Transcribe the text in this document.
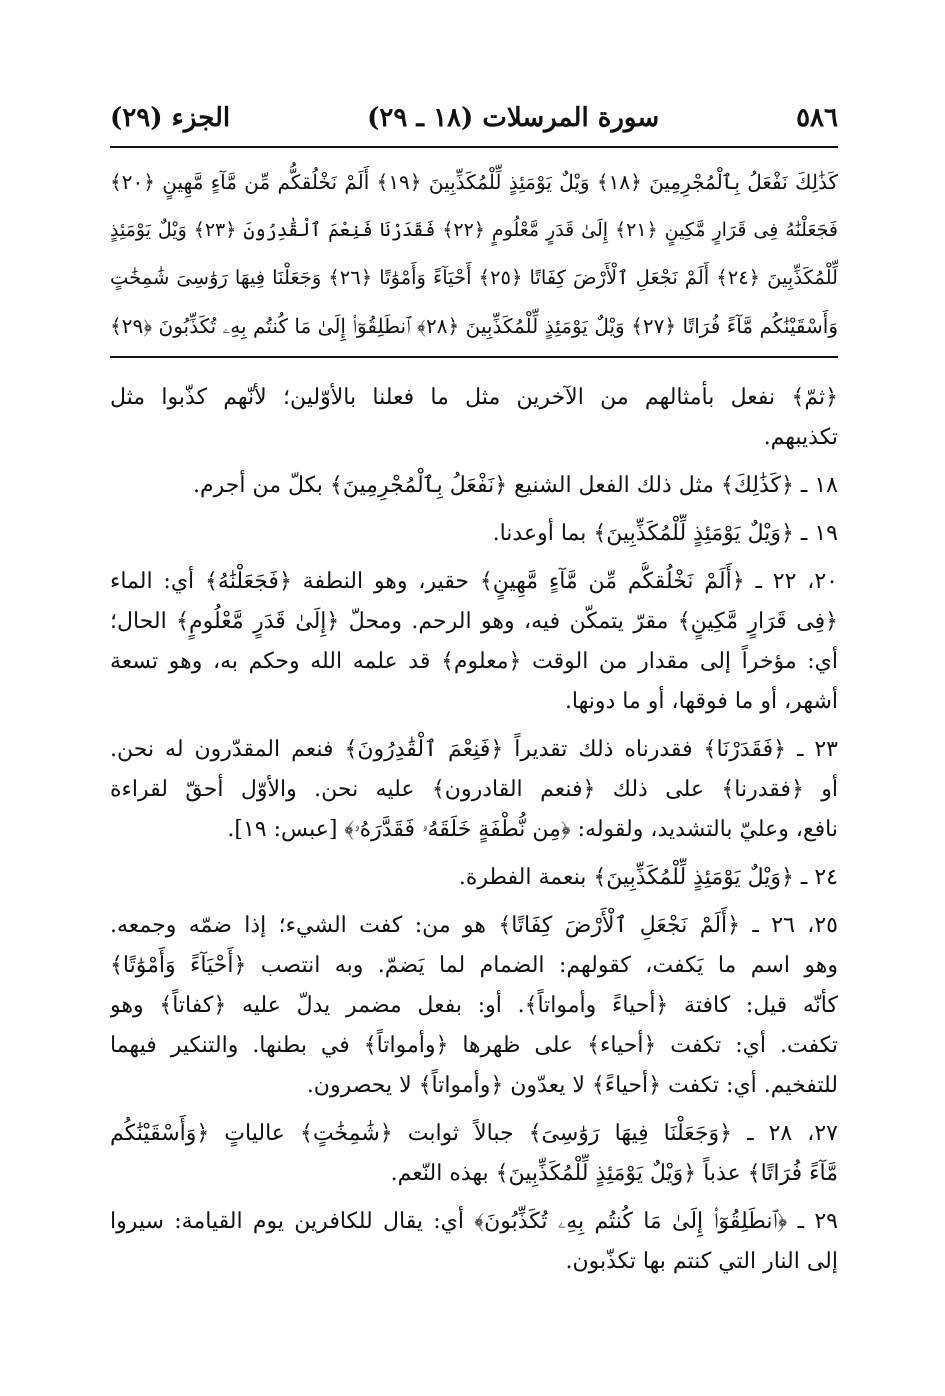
٥٨٦
سورة المرسلات (١٨ ـ ٢٩)
الجزء (٢٩)
كَذَٰلِكَ نَفْعَلُ بِٱلْمُجْرِمِينَ ﴿١٨﴾ وَيْلٌ يَوْمَئِذٍ لِّلْمُكَذِّبِينَ ﴿١٩﴾ أَلَمْ نَخْلُقكُّم مِّن مَّآءٍ مَّهِينٍ ﴿٢٠﴾
فَجَعَلْنَٰهُ فِى قَرَارٍ مَّكِينٍ ﴿٢١﴾ إِلَىٰ قَدَرٍ مَّعْلُومٍ ﴿٢٢﴾ فَقَدَرْنَا فَنِعْمَ ٱلْقَٰدِرُونَ ﴿٢٣﴾ وَيْلٌ يَوْمَئِذٍ
لِّلْمُكَذِّبِينَ ﴿٢٤﴾ أَلَمْ نَجْعَلِ ٱلْأَرْضَ كِفَاتًا ﴿٢٥﴾ أَحْيَآءً وَأَمْوَٰتًا ﴿٢٦﴾ وَجَعَلْنَا فِيهَا رَوَٰسِىَ شَٰمِخَٰتٍ
وَأَسْقَيْنَٰكُم مَّآءً فُرَاتًا ﴿٢٧﴾ وَيْلٌ يَوْمَئِذٍ لِّلْمُكَذِّبِينَ ﴿٢٨﴾ ٱنطَلِقُوٓا۟ إِلَىٰ مَا كُنتُم بِهِۦ تُكَذِّبُونَ ﴿٢٩﴾
﴿ثمّ﴾ نفعل بأمثالهم من الآخرين مثل ما فعلنا بالأوّلين؛ لأنّهم كذّبوا مثل
تكذيبهم.
١٨ ـ ﴿كَذَٰلِكَ﴾ مثل ذلك الفعل الشنيع ﴿نَفْعَلُ بِٱلْمُجْرِمِينَ﴾ بكلّ من أجرم.
١٩ ـ ﴿وَيْلٌ يَوْمَئِذٍ لِّلْمُكَذِّبِينَ﴾ بما أوعدنا.
٢٠، ٢٢ ـ ﴿أَلَمْ نَخْلُقكُّم مِّن مَّآءٍ مَّهِينٍ﴾ حقير، وهو النطفة ﴿فَجَعَلْنَٰهُ﴾ أي: الماء
﴿فِى قَرَارٍ مَّكِينٍ﴾ مقرّ يتمكّن فيه، وهو الرحم. ومحلّ ﴿إِلَىٰ قَدَرٍ مَّعْلُومٍ﴾ الحال؛
أي: مؤخراً إلى مقدار من الوقت ﴿معلوم﴾ قد علمه الله وحكم به، وهو تسعة
أشهر، أو ما فوقها، أو ما دونها.
٢٣ ـ ﴿فَقَدَرْنَا﴾ فقدرناه ذلك تقديراً ﴿فَنِعْمَ ٱلْقَٰدِرُونَ﴾ فنعم المقدّرون له نحن.
أو ﴿فقدرنا﴾ على ذلك ﴿فنعم القادرون﴾ عليه نحن. والأوّل أحقّ لقراءة
نافع، وعليّ بالتشديد، ولقوله: ﴿مِن نُّطْفَةٍ خَلَقَهُۥ فَقَدَّرَهُۥ﴾ [عبس: ١٩].
٢٤ ـ ﴿وَيْلٌ يَوْمَئِذٍ لِّلْمُكَذِّبِينَ﴾ بنعمة الفطرة.
٢٥، ٢٦ ـ ﴿أَلَمْ نَجْعَلِ ٱلْأَرْضَ كِفَاتًا﴾ هو من: كفت الشيء؛ إذا ضمّه وجمعه.
وهو اسم ما يَكفت، كقولهم: الضمام لما يَضمّ. وبه انتصب ﴿أَحْيَآءً وَأَمْوَٰتًا﴾
كأنّه قيل: كافتة ﴿أحياءً وأمواتاً﴾. أو: بفعل مضمر يدلّ عليه ﴿كفاتاً﴾ وهو
تكفت. أي: تكفت ﴿أحياء﴾ على ظهرها ﴿وأمواتاً﴾ في بطنها. والتنكير فيهما
للتفخيم. أي: تكفت ﴿أحياءً﴾ لا يعدّون ﴿وأمواتاً﴾ لا يحصرون.
٢٧، ٢٨ ـ ﴿وَجَعَلْنَا فِيهَا رَوَٰسِىَ﴾ جبالاً ثوابت ﴿شَٰمِخَٰتٍ﴾ عالياتٍ ﴿وَأَسْقَيْنَٰكُم
مَّآءً فُرَاتًا﴾ عذباً ﴿وَيْلٌ يَوْمَئِذٍ لِّلْمُكَذِّبِينَ﴾ بهذه النّعم.
٢٩ ـ ﴿ٱنطَلِقُوٓا۟ إِلَىٰ مَا كُنتُم بِهِۦ تُكَذِّبُونَ﴾ أي: يقال للكافرين يوم القيامة: سيروا
إلى النار التي كنتم بها تكذّبون.
